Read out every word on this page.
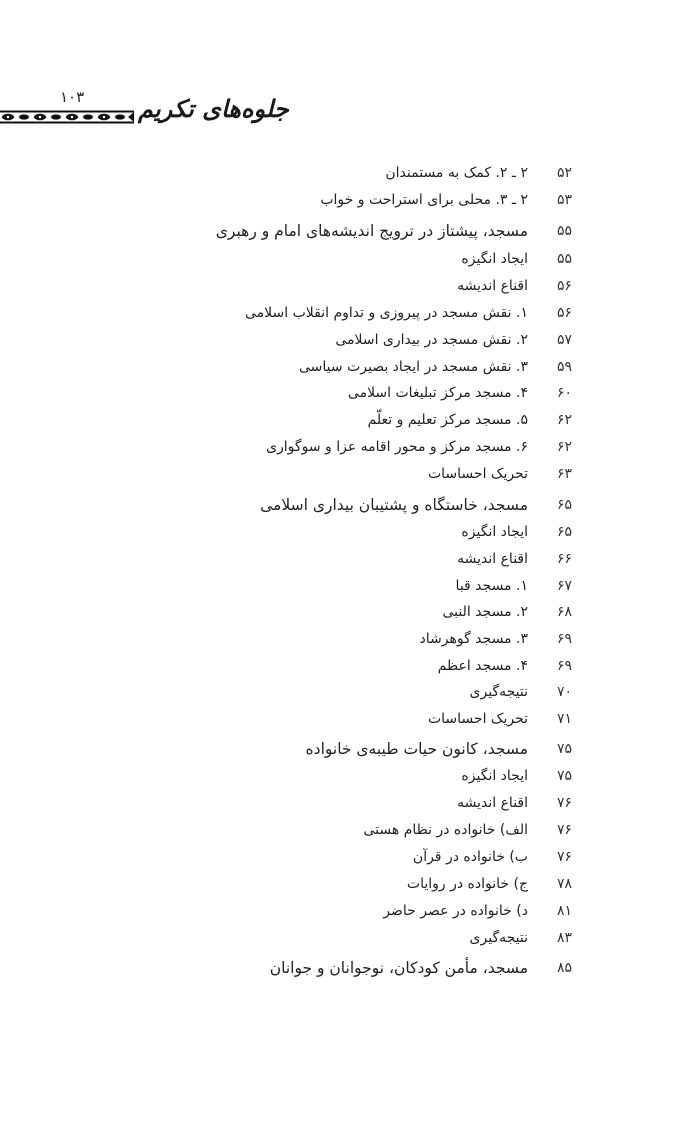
۱۰۳ جلوه‌های تکریم
۵۲
۲ ـ ۲. کمک به مستمندان
۵۳
۲ ـ ۳. محلی برای استراحت و خواب
۵۵
مسجد، پیشتاز در ترویج اندیشه‌های امام و رهبری
۵۵
ایجاد انگیزه
۵۶
اقناع اندیشه
۵۶
۱. نقش مسجد در پیروزی و تداوم انقلاب اسلامی
۵۷
۲. نقش مسجد در بیداری اسلامی
۵۹
۳. نقش مسجد در ایجاد بصیرت سیاسی
۶۰
۴. مسجد مرکز تبلیغات اسلامی
۶۲
۵. مسجد مرکز تعلیم و تعلّم
۶۲
۶. مسجد مرکز و محور اقامه عزا و سوگواری
۶۳
تحریک احساسات
۶۵
مسجد، خاستگاه و پشتیبان بیداری اسلامی
۶۵
ایجاد انگیزه
۶۶
اقناع اندیشه
۶۷
۱. مسجد قبا
۶۸
۲. مسجد النبی
۶۹
۳. مسجد گوهرشاد
۶۹
۴. مسجد اعظم
۷۰
نتیجه‌گیری
۷۱
تحریک احساسات
۷۵
مسجد، کانون حیات طیبه‌ی خانواده
۷۵
ایجاد انگیزه
۷۶
اقناع اندیشه
۷۶
الف) خانواده در نظام هستی
۷۶
ب) خانواده در قرآن
۷۸
ج) خانواده در روایات
۸۱
د) خانواده در عصر حاضر
۸۳
نتیجه‌گیری
۸۵
مسجد، مأمن کودکان، نوجوانان و جوانان
